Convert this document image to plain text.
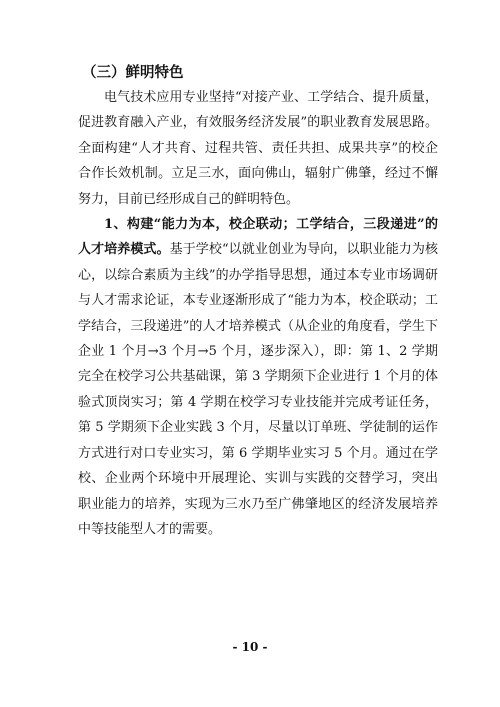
（三）鲜明特色

电气技术应用专业坚持“对接产业、工学结合、提升质量，促进教育融入产业，有效服务经济发展”的职业教育发展思路。全面构建“人才共育、过程共管、责任共担、成果共享”的校企合作长效机制。立足三水，面向佛山，辐射广佛肇，经过不懈努力，目前已经形成自己的鲜明特色。

1、构建“能力为本，校企联动；工学结合，三段递进”的人才培养模式。基于学校“以就业创业为导向，以职业能力为核心，以综合素质为主线”的办学指导思想，通过本专业市场调研与人才需求论证，本专业逐渐形成了“能力为本，校企联动；工学结合，三段递进”的人才培养模式（从企业的角度看，学生下企业 1 个月→3 个月→5 个月，逐步深入），即：第 1、2 学期完全在校学习公共基础课，第 3 学期须下企业进行 1 个月的体验式顶岗实习；第 4 学期在校学习专业技能并完成考证任务，第 5 学期须下企业实践 3 个月，尽量以订单班、学徒制的运作方式进行对口专业实习，第 6 学期毕业实习 5 个月。通过在学校、企业两个环境中开展理论、实训与实践的交替学习，突出职业能力的培养，实现为三水乃至广佛肇地区的经济发展培养中等技能型人才的需要。

- 10 -
